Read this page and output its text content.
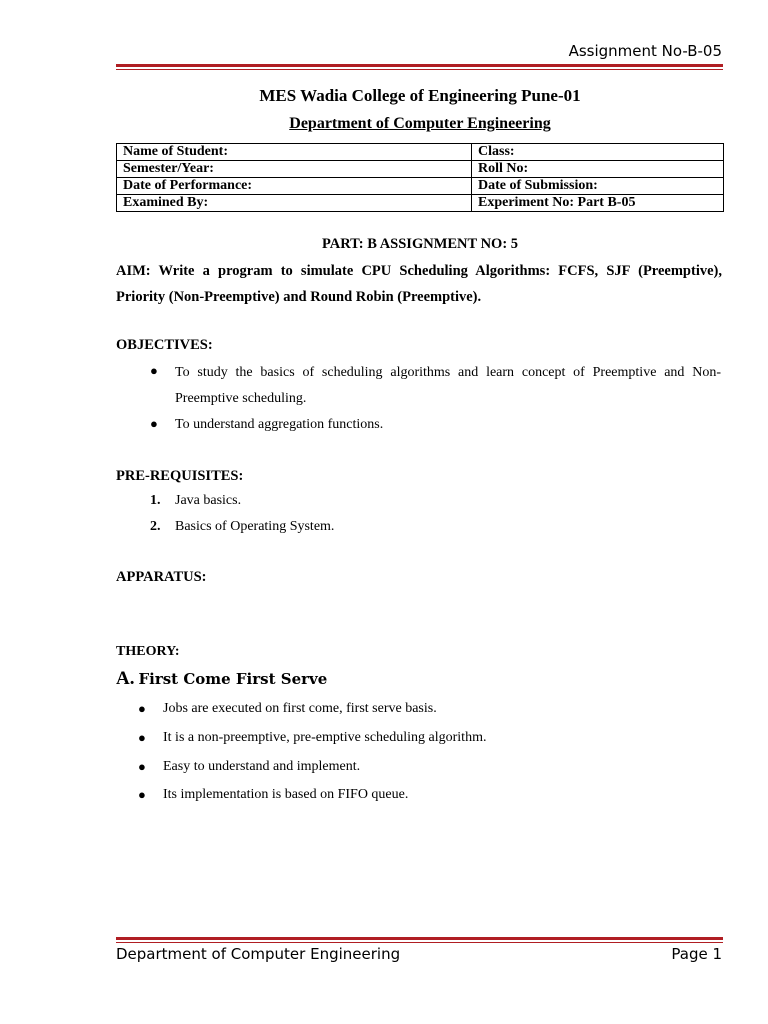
Assignment No-B-05
MES Wadia College of Engineering Pune-01
Department of Computer Engineering
Name of Student:	Class:
Semester/Year:	Roll No:
Date of Performance:	Date of Submission:
Examined By:	Experiment No: Part B-05
PART: B ASSIGNMENT NO: 5
AIM: Write a program to simulate CPU Scheduling Algorithms: FCFS, SJF (Preemptive), Priority (Non-Preemptive) and Round Robin (Preemptive).
OBJECTIVES:
● To study the basics of scheduling algorithms and learn concept of Preemptive and Non-Preemptive scheduling.
● To understand aggregation functions.
PRE-REQUISITES:
1. Java basics.
2. Basics of Operating System.
APPARATUS:
THEORY:
A. First Come First Serve
● Jobs are executed on first come, first serve basis.
● It is a non-preemptive, pre-emptive scheduling algorithm.
● Easy to understand and implement.
● Its implementation is based on FIFO queue.
Department of Computer Engineering	Page 1
